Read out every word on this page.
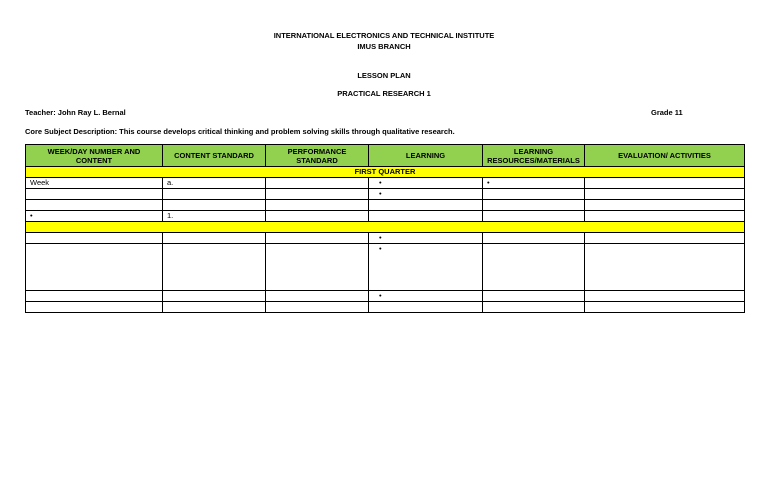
INTERNATIONAL ELECTRONICS AND TECHNICAL INSTITUTE
IMUS BRANCH
LESSON PLAN
PRACTICAL RESEARCH 1
Teacher: John Ray L. Bernal	Grade 11
Core Subject Description: This course develops critical thinking and problem solving skills through qualitative research.
WEEK/DAY NUMBER AND CONTENT	CONTENT STANDARD	PERFORMANCE STANDARD	LEARNING	LEARNING RESOURCES/MATERIALS	EVALUATION/ ACTIVITIES
FIRST QUARTER					
Week	a.		•	•	
			•		

•	1.				

			•		
			•		
			•		
